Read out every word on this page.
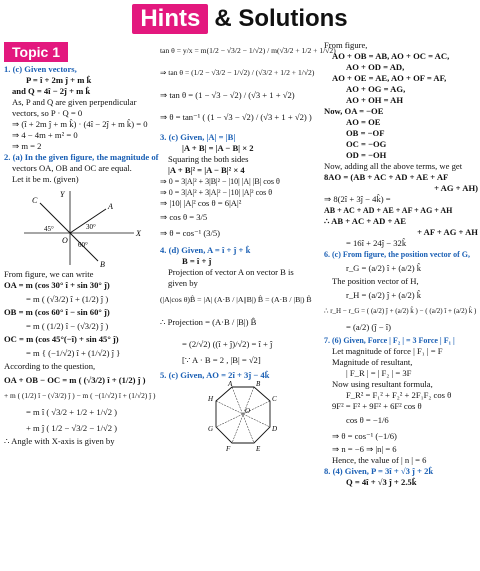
Hints & Solutions
Topic 1
1. (c) Given vectors,
P = î + 2m ĵ + m k̂
and Q = 4î − 2ĵ + m k̂
As, P and Q are given perpendicular
vectors, so P · Q = 0
⇒ (î + 2m ĵ + m k̂) · (4î − 2ĵ + m k̂) = 0
⇒ 4 − 4m + m² = 0
⇒ m = 2
2. (a) In the given figure, the magnitude of
vectors OA, OB and OC are equal.
Let it be m. (given)
Y
X
A
B
C
O
45°	30°
60°
From figure, we can write
OA = m (cos 30° î + sin 30° ĵ)
= m ( (√3/2) î + (1/2) ĵ )
OB = m (cos 60° î − sin 60° ĵ)
= m ( (1/2) î − (√3/2) ĵ )
OC = m (cos 45°(−î) + sin 45° ĵ)
= m { (−1/√2) î + (1/√2) ĵ }
According to the question,
OA + OB − OC = m ( (√3/2) î + (1/2) ĵ )
+ m ( (1/2) î − (√3/2) ĵ ) − m ( −(1/√2) î + (1/√2) ĵ )
= m î ( √3/2 + 1/2 + 1/√2 )
+ m ĵ ( 1/2 − √3/2 − 1/√2 )
∴ Angle with X-axis is given by
tan θ = y/x = m(1/2 − √3/2 − 1/√2) / m(√3/2 + 1/2 + 1/√2)
⇒ tan θ = (1/2 − √3/2 − 1/√2) / (√3/2 + 1/2 + 1/√2)
⇒ tan θ = (1 − √3 − √2) / (√3 + 1 + √2)
⇒ θ = tan⁻¹ ( (1 − √3 − √2) / (√3 + 1 + √2) )
3. (c) Given, |A| = |B|
|A + B| = |A − B| × 2
Squaring the both sides
|A + B|² = |A − B|² × 4
⇒ 0 = 3|A|² + 3|B|² − |10| |A| |B| cos θ
⇒ 0 = 3|A|² + 3|A|² − |10| |A|² cos θ
⇒ |10| |A|² cos θ = 6|A|²
⇒ cos θ = 3/5
⇒ θ = cos⁻¹ (3/5)
4. (d) Given, A = î + ĵ + k̂
B = î + ĵ
Projection of vector A on vector B is
given by
(|A|cos θ)B̂ = |A| (A·B / |A||B|) B̂ = (A·B / |B|) B̂
∴ Projection = (A·B / |B|) B̂
= (2/√2) ((î + ĵ)/√2) = î + ĵ
[∵ A · B = 2 , |B| = √2]
5. (c) Given, AO = 2î + 3ĵ − 4k̂
A	B
C
D
E
F
G
H
O
From figure,
AO + OB = AB, AO + OC = AC,
AO + OD = AD,
AO + OE = AE, AO + OF = AF,
AO + OG = AG,
AO + OH = AH
Now, OA = −OE
AO = OE
OB = −OF
OC = −OG
OD = −OH
Now, adding all the above terms, we get
8AO = (AB + AC + AD + AE + AF
+ AG + AH)
⇒ 8(2î + 3ĵ − 4k̂) =
AB + AC + AD + AE + AF + AG + AH
∴ AB + AC + AD + AE
+ AF + AG + AH
= 16î + 24ĵ − 32k̂
6. (c) From figure, the position vector of G,
r_G = (a/2) î + (a/2) k̂
The position vector of H,
r_H = (a/2) ĵ + (a/2) k̂
∴ r_H − r_G = ( (a/2) ĵ + (a/2) k̂ ) − ( (a/2) î + (a/2) k̂ )
= (a/2) (ĵ − î)
7. (6) Given, Force | F₂ | = 3 Force | F₁ |
Let magnitude of force | F₁ | = F
Magnitude of resultant,
| F_R | = | F₂ | = 3F
Now using resultant formula,
F_R² = F₁² + F₂² + 2F₁F₂ cos θ
9F² = F² + 9F² + 6F² cos θ
cos θ = −1/6
⇒ θ = cos⁻¹ (−1/6)
⇒ n = −6 ⇒ |n| = 6
Hence, the value of | n | = 6
8. (4) Given, P = 3î + √3 ĵ + 2k̂
Q = 4î + √3 ĵ + 2.5k̂
